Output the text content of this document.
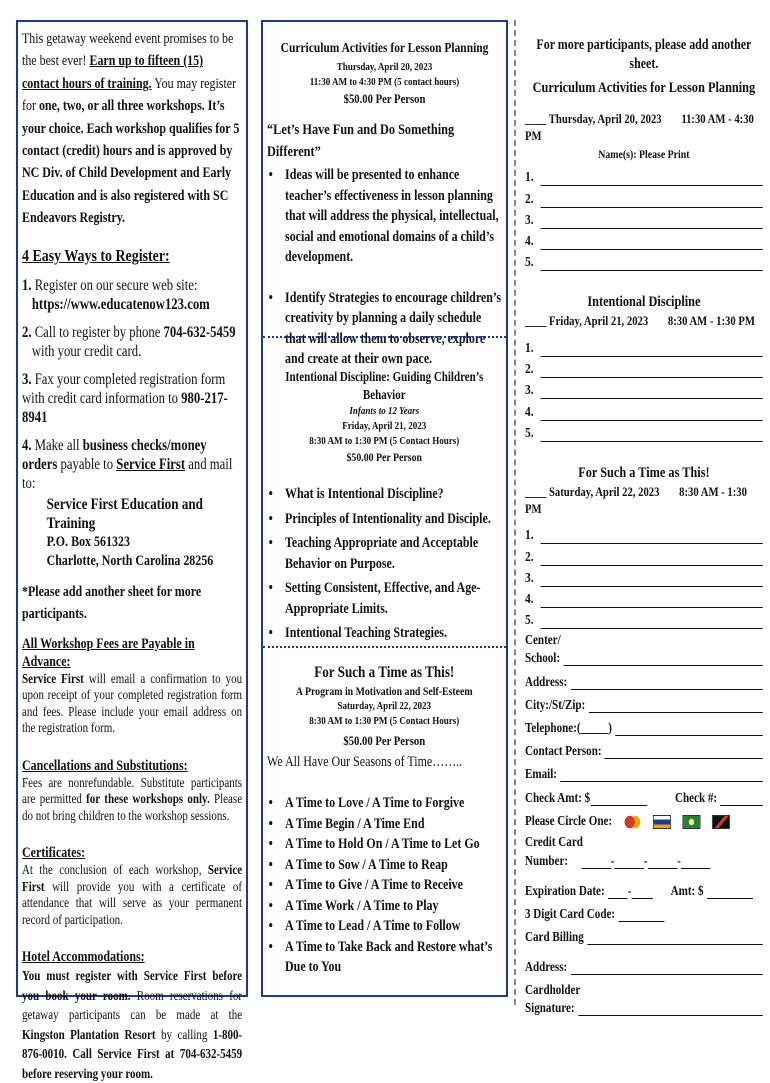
This getaway weekend event promises to be the best ever! Earn up to fifteen (15) contact hours of training. You may register for one, two, or all three workshops. It’s your choice. Each workshop qualifies for 5 contact (credit) hours and is approved by NC Div. of Child Development and Early Education and is also registered with SC Endeavors Registry.

4 Easy Ways to Register:

1. Register on our secure web site:

https://www.educatenow123.com

2. Call to register by phone 704-632-5459

with your credit card.

3. Fax your completed registration form with credit card information to 980-217-8941

4. Make all business checks/money orders payable to Service First and mail to:

Service First Education and Training

P.O. Box 561323

Charlotte, North Carolina 28256

*Please add another sheet for more participants.

All Workshop Fees are Payable in Advance:

Service First will email a confirmation to you upon receipt of your completed registration form and fees. Please include your email address on the registration form.

Cancellations and Substitutions:

Fees are nonrefundable. Substitute participants are permitted for these workshops only. Please do not bring children to the workshop sessions.

Certificates:

At the conclusion of each workshop, Service First will provide you with a certificate of attendance that will serve as your permanent record of participation.

Hotel Accommodations:

You must register with Service First before you book your room. Room reservations for getaway participants can be made at the Kingston Plantation Resort by calling 1-800-876-0010. Call Service First at 704-632-5459 before reserving your room.

Curriculum Activities for Lesson Planning

Thursday, April 20, 2023

11:30 AM to 4:30 PM (5 contact hours)

$50.00 Per Person

“Let’s Have Fun and Do Something Different”

• Ideas will be presented to enhance teacher’s effectiveness in lesson planning that will address the physical, intellectual, social and emotional domains of a child’s development.
• Identify Strategies to encourage children’s creativity by planning a daily schedule that will allow them to observe, explore and create at their own pace.

Intentional Discipline: Guiding Children’s Behavior

Infants to 12 Years

Friday, April 21, 2023

8:30 AM to 1:30 PM (5 Contact Hours)

$50.00 Per Person

• What is Intentional Discipline?
• Principles of Intentionality and Disciple.
• Teaching Appropriate and Acceptable Behavior on Purpose.
• Setting Consistent, Effective, and Age-Appropriate Limits.
• Intentional Teaching Strategies.

For Such a Time as This!

A Program in Motivation and Self-Esteem

Saturday, April 22, 2023

8:30 AM to 1:30 PM (5 Contact Hours)

$50.00 Per Person

We All Have Our Seasons of Time……..

• A Time to Love / A Time to Forgive
• A Time Begin / A Time End
• A Time to Hold On / A Time to Let Go
• A Time to Sow / A Time to Reap
• A Time to Give / A Time to Receive
• A Time Work / A Time to Play
• A Time to Lead / A Time to Follow
• A Time to Take Back and Restore what’s Due to You

For more participants, please add another sheet.

Curriculum Activities for Lesson Planning

____ Thursday, April 20, 2023 11:30 AM - 4:30 PM

Name(s): Please Print

1.
2.
3.
4.
5.

Intentional Discipline

____ Friday, April 21, 2023 8:30 AM - 1:30 PM

1.
2.
3.
4.
5.

For Such a Time as This!

____ Saturday, April 22, 2023 8:30 AM - 1:30 PM

1.
2.
3.
4.
5.

Center/

School:
Address:
City:/St/Zip:
Telephone:(_____)
Contact Person:
Email:
Check Amt: $	Check #:
Please Circle One:

Credit Card

Number:	- - -
Expiration Date: -	Amt: $
3 Digit Card Code:
Card Billing
Address:

Cardholder

Signature:
